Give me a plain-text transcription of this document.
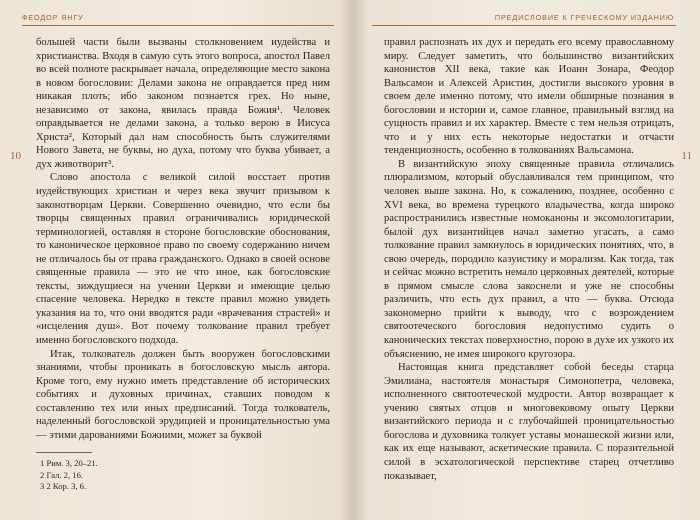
ФЕОДОР ЯНГУ
10

большей части были вызваны столкновением иудейства и христианства. Входя в самую суть этого вопроса, апостол Павел во всей полноте раскрывает начала, определяющие место закона в новом богословии: Делами закона не оправдается пред ним никакая плоть; ибо законом познается грех. Но ныне, независимо от закона, явилась правда Божия¹. Человек оправдывается не делами закона, а только верою в Иисуса Христа², Который дал нам способность быть служителями Нового Завета, не буквы, но духа, потому что буква убивает, а дух животворит³.

Слово апостола с великой силой восстает против иудействующих христиан и через века звучит призывом к законотворцам Церкви. Совершенно очевидно, что если бы творцы священных правил ограничивались юридической терминологией, оставляя в стороне богословские обоснования, то каноническое церковное право по своему содержанию ничем не отличалось бы от права гражданского. Однако в своей основе священные правила — это не что иное, как богословские тексты, зиждущиеся на учении Церкви и имеющие целью спасение человека. Нередко в тексте правил можно увидеть указания на то, что они вводятся ради «врачевания страстей» и «исцеления душ». Вот почему толкование правил требует именно богословского подхода.

Итак, толкователь должен быть вооружен богословскими знаниями, чтобы проникать в богословскую мысль автора. Кроме того, ему нужно иметь представление об исторических событиях и духовных причинах, ставших поводом к составлению тех или иных предписаний. Тогда толкователь, наделенный богословской эрудицией и проницательностью ума — этими дарованиями Божиими, может за буквой

1 Рим. 3, 20–21.
2 Гал. 2, 16.
3 2 Кор. 3, 6.
ПРЕДИСЛОВИЕ К ГРЕЧЕСКОМУ ИЗДАНИЮ
11

правил распознать их дух и передать его всему православному миру. Следует заметить, что большинство византийских канонистов XII века, такие как Иоанн Зонара, Феодор Вальсамон и Алексей Аристин, достигли высокого уровня в своем деле именно потому, что имели обширные познания в богословии и истории и, самое главное, правильный взгляд на сущность правил и их характер. Вместе с тем нельзя отрицать, что и у них есть некоторые недостатки и отчасти тенденциозность, особенно в толкованиях Вальсамона.

В византийскую эпоху священные правила отличались плюрализмом, который обуславливался тем принципом, что человек выше закона. Но, к сожалению, позднее, особенно с XVI века, во времена турецкого владычества, когда широко распространились известные номоканоны и эксомологитарии, былой дух византийцев начал заметно угасать, а само толкование правил замкнулось в юридических понятиях, что, в свою очередь, породило казуистику и морализм. Как тогда, так и сейчас можно встретить немало церковных деятелей, которые в прямом смысле слова закоснели и уже не способны различить, что есть дух правил, а что — буква. Отсюда закономерно прийти к выводу, что с возрождением святоотеческого богословия недопустимо судить о канонических текстах поверхностно, порою в духе их узкого их объяснению, не имея широкого кругозора.

Настоящая книга представляет собой беседы старца Эмилиана, настоятеля монастыря Симонопетра, человека, исполненного святоотеческой мудрости. Автор возвращает к учению святых отцов и многовековому опыту Церкви византийского периода и с глубочайшей проницательностью богослова и духовника толкует уставы монашеской жизни или, как их еще называют, аскетические правила. С поразительной силой в эсхатологической перспективе старец отчетливо показывает,
